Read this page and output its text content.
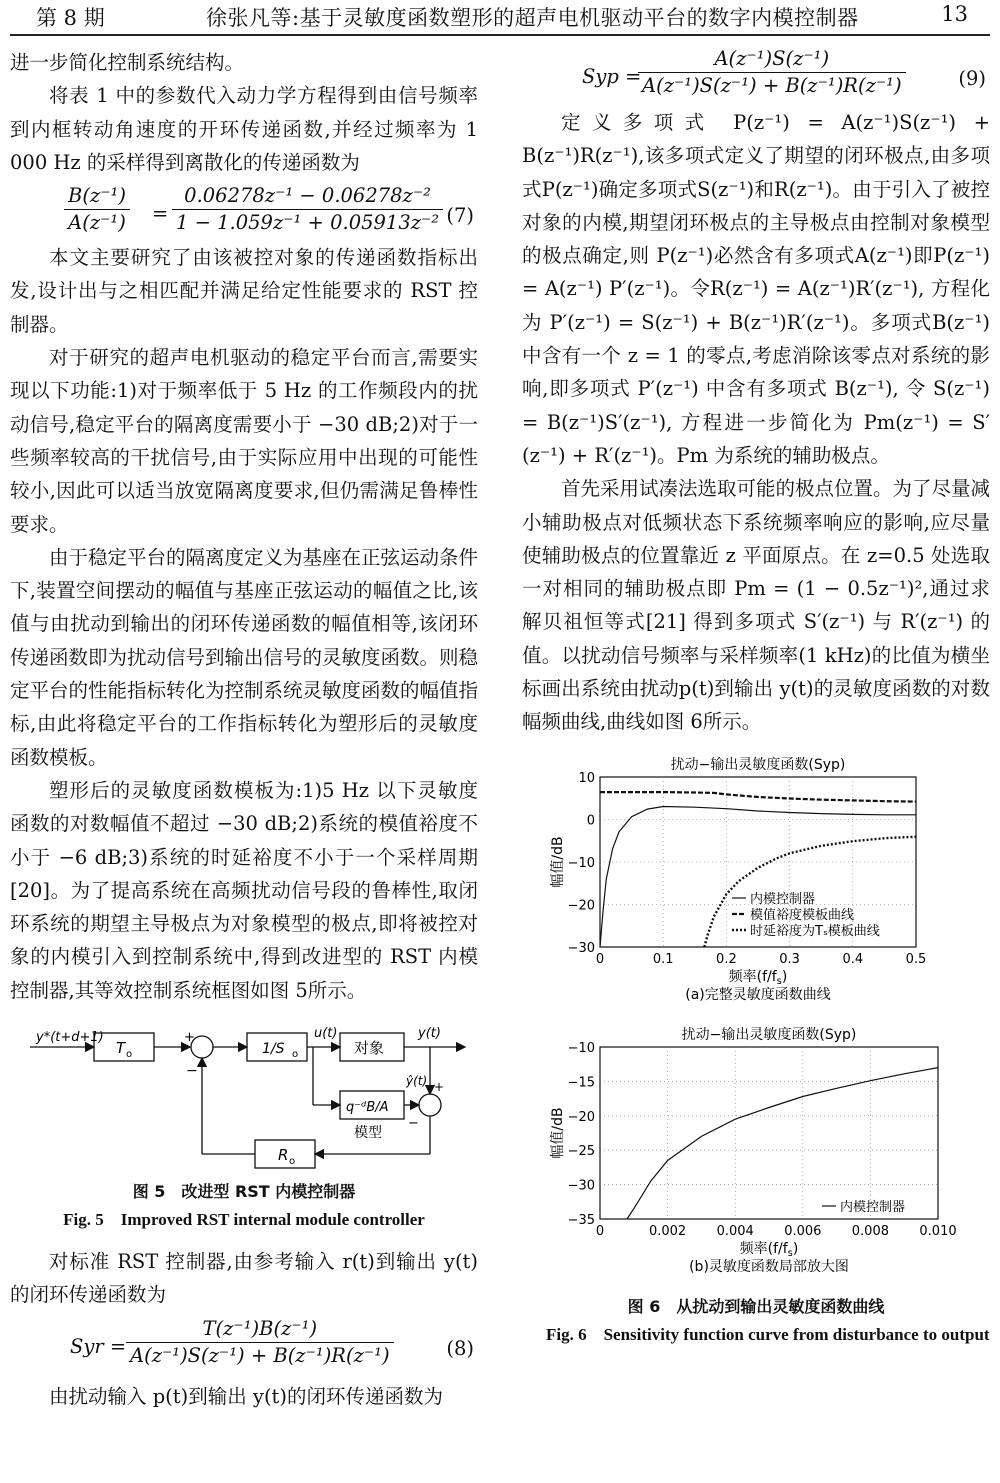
第 8 期	徐张凡等:基于灵敏度函数塑形的超声电机驱动平台的数字内模控制器	13

进一步简化控制系统结构。

将表 1 中的参数代入动力学方程得到由信号频率到内框转动角速度的开环传递函数,并经过频率为 1 000 Hz 的采样得到离散化的传递函数为

$\frac{\text{B(z⁻¹)}}{\text{A(z⁻¹)}} = \frac{\text{0.06278z⁻¹ − 0.06278z⁻²}}{\text{1 − 1.059z⁻¹ + 0.05913z⁻²}} (7)$

本文主要研究了由该被控对象的传递函数指标出发,设计出与之相匹配并满足给定性能要求的 RST 控制器。

对于研究的超声电机驱动的稳定平台而言,需要实现以下功能:1)对于频率低于 5 Hz 的工作频段内的扰动信号,稳定平台的隔离度需要小于 −30 dB;2)对于一些频率较高的干扰信号,由于实际应用中出现的可能性较小,因此可以适当放宽隔离度要求,但仍需满足鲁棒性要求。

由于稳定平台的隔离度定义为基座在正弦运动条件下,装置空间摆动的幅值与基座正弦运动的幅值之比,该值与由扰动到输出的闭环传递函数的幅值相等,该闭环传递函数即为扰动信号到输出信号的灵敏度函数。则稳定平台的性能指标转化为控制系统灵敏度函数的幅值指标,由此将稳定平台的工作指标转化为塑形后的灵敏度函数模板。

塑形后的灵敏度函数模板为:1)5 Hz 以下灵敏度函数的对数幅值不超过 −30 dB;2)系统的模值裕度不小于 −6 dB;3)系统的时延裕度不小于一个采样周期[20]。为了提高系统在高频扰动信号段的鲁棒性,取闭环系统的期望主导极点为对象模型的极点,即将被控对象的内模引入到控制系统中,得到改进型的 RST 内模控制器,其等效控制系统框图如图 5所示。

y*(t+d+1)
T o
+
−
1/S o
u(t)
对象
y(t)
q⁻ᵈB/A
模型
ŷ(t) +
−
R o
图 5　改进型 RST 内模控制器
Fig. 5　Improved RST internal module controller

对标准 RST 控制器,由参考输入 r(t)到输出 y(t)的闭环传递函数为

Syr = $\frac{\text{T(z⁻¹)B(z⁻¹)}}{\text{A(z⁻¹)S(z⁻¹) + B(z⁻¹)R(z⁻¹)}}$	(8)

由扰动输入 p(t)到输出 y(t)的闭环传递函数为

Syp =
$\frac{\text{A(z⁻¹)S(z⁻¹)}}{\text{A(z⁻¹)S(z⁻¹) + B(z⁻¹)R(z⁻¹)}}$	(9)

定义多项式 P(z⁻¹) = A(z⁻¹)S(z⁻¹) + B(z⁻¹)R(z⁻¹),该多项式定义了期望的闭环极点,由多项式P(z⁻¹)确定多项式S(z⁻¹)和R(z⁻¹)。由于引入了被控对象的内模,期望闭环极点的主导极点由控制对象模型的极点确定,则 P(z⁻¹)必然含有多项式A(z⁻¹)即P(z⁻¹) = A(z⁻¹) P′(z⁻¹)。令R(z⁻¹) = A(z⁻¹)R′(z⁻¹), 方程化为 P′(z⁻¹) = S(z⁻¹) + B(z⁻¹)R′(z⁻¹)。多项式B(z⁻¹)中含有一个 z = 1 的零点,考虑消除该零点对系统的影响,即多项式 P′(z⁻¹) 中含有多项式 B(z⁻¹), 令 S(z⁻¹) = B(z⁻¹)S′(z⁻¹), 方程进一步简化为 Pm(z⁻¹) = S′(z⁻¹) + R′(z⁻¹)。Pm 为系统的辅助极点。

首先采用试凑法选取可能的极点位置。为了尽量减小辅助极点对低频状态下系统频率响应的影响,应尽量使辅助极点的位置靠近 z 平面原点。在 z=0.5 处选取一对相同的辅助极点即 Pm = (1 − 0.5z⁻¹)²,通过求解贝祖恒等式[21] 得到多项式 S′(z⁻¹) 与 R′(z⁻¹) 的值。以扰动信号频率与采样频率(1 kHz)的比值为横坐标画出系统由扰动p(t)到输出 y(t)的灵敏度函数的对数幅频曲线,曲线如图 6所示。

扰动−输出灵敏度函数(Syp)
0	0.1	0.2	0.3	0.4	0.5
10
0
−10
−20
−30
幅值/dB
频率$(f/f_s)$
(a)完整灵敏度函数曲线
内模控制器
模值裕度模板曲线
时延裕度为Tₛ模板曲线
扰动−输出灵敏度函数(Syp)
0	0.002 0.004 0.006 0.008 0.010
−10
−15
−20
−25
−30
−35
幅值/dB
频率$(f/f_s)$
(b)灵敏度函数局部放大图
内模控制器
图 6　从扰动到输出灵敏度函数曲线
Fig. 6　Sensitivity function curve from disturbance to output
